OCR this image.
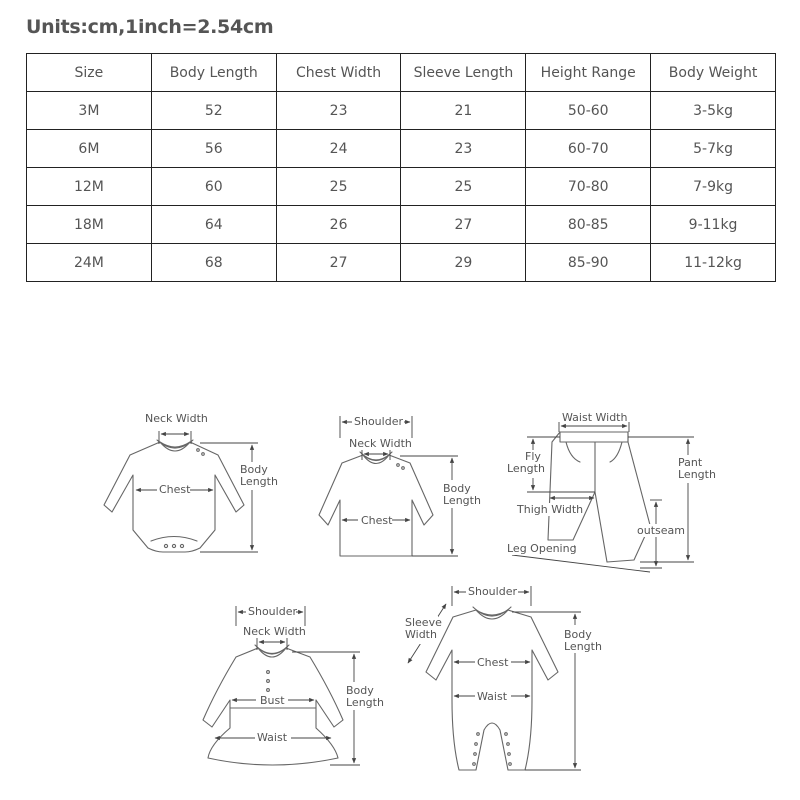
Units:cm,1inch=2.54cm
Size	Body Length	Chest Width	Sleeve Length	Height Range	Body Weight
3M	52	23	21	50-60	3-5kg
6M	56	24	23	60-70	5-7kg
12M	60	25	25	70-80	7-9kg
18M	64	26	27	80-85	9-11kg
24M	68	27	29	85-90	11-12kg
Neck Width
Chest
Body
Length
Shoulder
Neck Width
Chest
Body
Length
Waist Width
Fly
Length	Pant
Length
Thigh Width
outseam
Leg Opening
Shoulder
Neck Width
Bust
Waist
Body
Length
Shoulder
Sleeve
Width
Chest
Waist
Body
Length
